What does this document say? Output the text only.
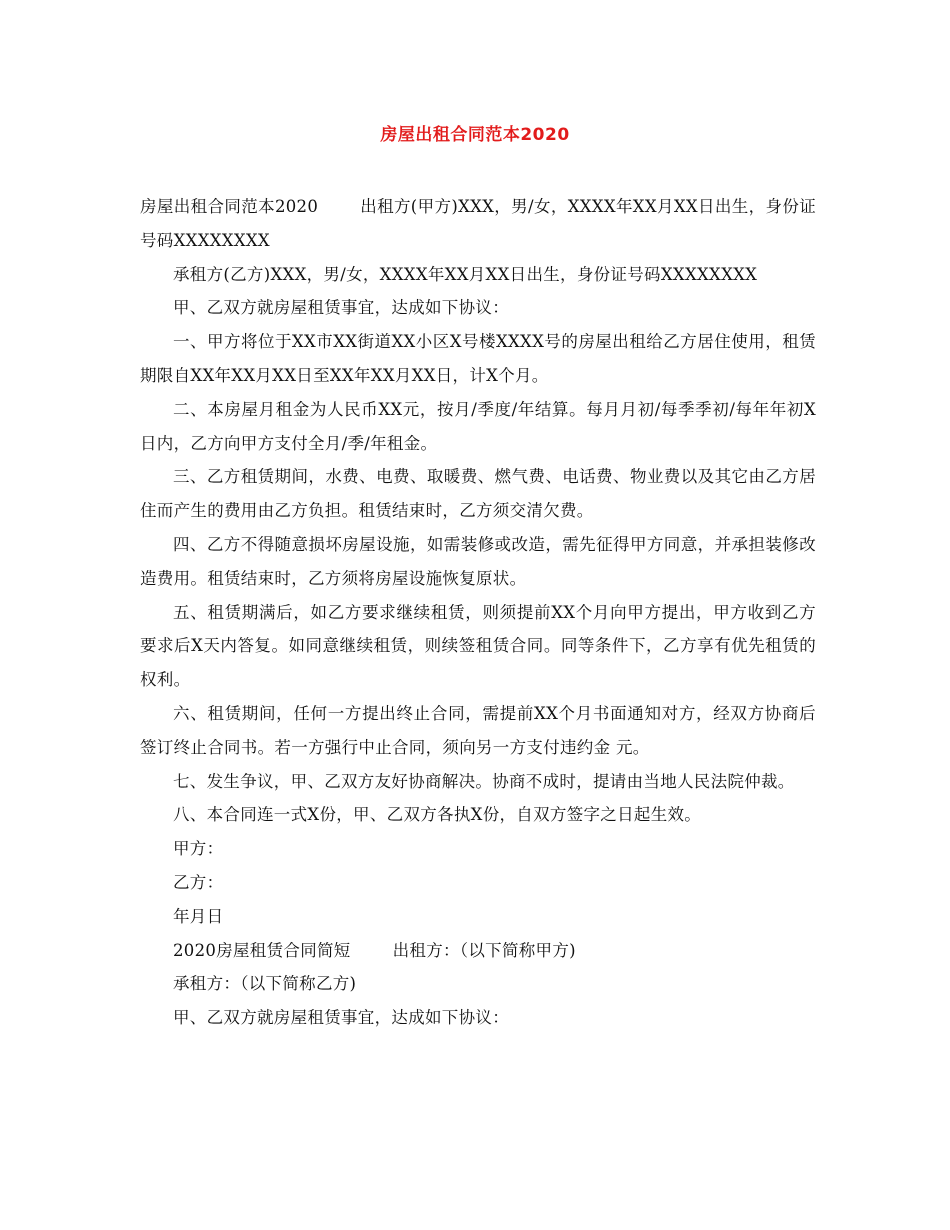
房屋出租合同范本2020

房屋出租合同范本2020	出租方(甲方)XXX，男/女，XXXX年XX月XX日出生，身份证号码XXXXXXXX

承租方(乙方)XXX，男/女，XXXX年XX月XX日出生，身份证号码XXXXXXXX

甲、乙双方就房屋租赁事宜，达成如下协议：

一、甲方将位于XX市XX街道XX小区X号楼XXXX号的房屋出租给乙方居住使用，租赁期限自XX年XX月XX日至XX年XX月XX日，计X个月。

二、本房屋月租金为人民币XX元，按月/季度/年结算。每月月初/每季季初/每年年初X日内，乙方向甲方支付全月/季/年租金。

三、乙方租赁期间，水费、电费、取暖费、燃气费、电话费、物业费以及其它由乙方居住而产生的费用由乙方负担。租赁结束时，乙方须交清欠费。

四、乙方不得随意损坏房屋设施，如需装修或改造，需先征得甲方同意，并承担装修改造费用。租赁结束时，乙方须将房屋设施恢复原状。

五、租赁期满后，如乙方要求继续租赁，则须提前XX个月向甲方提出，甲方收到乙方要求后X天内答复。如同意继续租赁，则续签租赁合同。同等条件下，乙方享有优先租赁的权利。

六、租赁期间，任何一方提出终止合同，需提前XX个月书面通知对方，经双方协商后签订终止合同书。若一方强行中止合同，须向另一方支付违约金 元。

七、发生争议，甲、乙双方友好协商解决。协商不成时，提请由当地人民法院仲裁。

八、本合同连一式X份，甲、乙双方各执X份，自双方签字之日起生效。

甲方：

乙方：

年月日

2020房屋租赁合同简短	出租方：（以下简称甲方)

承租方：（以下简称乙方)

甲、乙双方就房屋租赁事宜，达成如下协议：
